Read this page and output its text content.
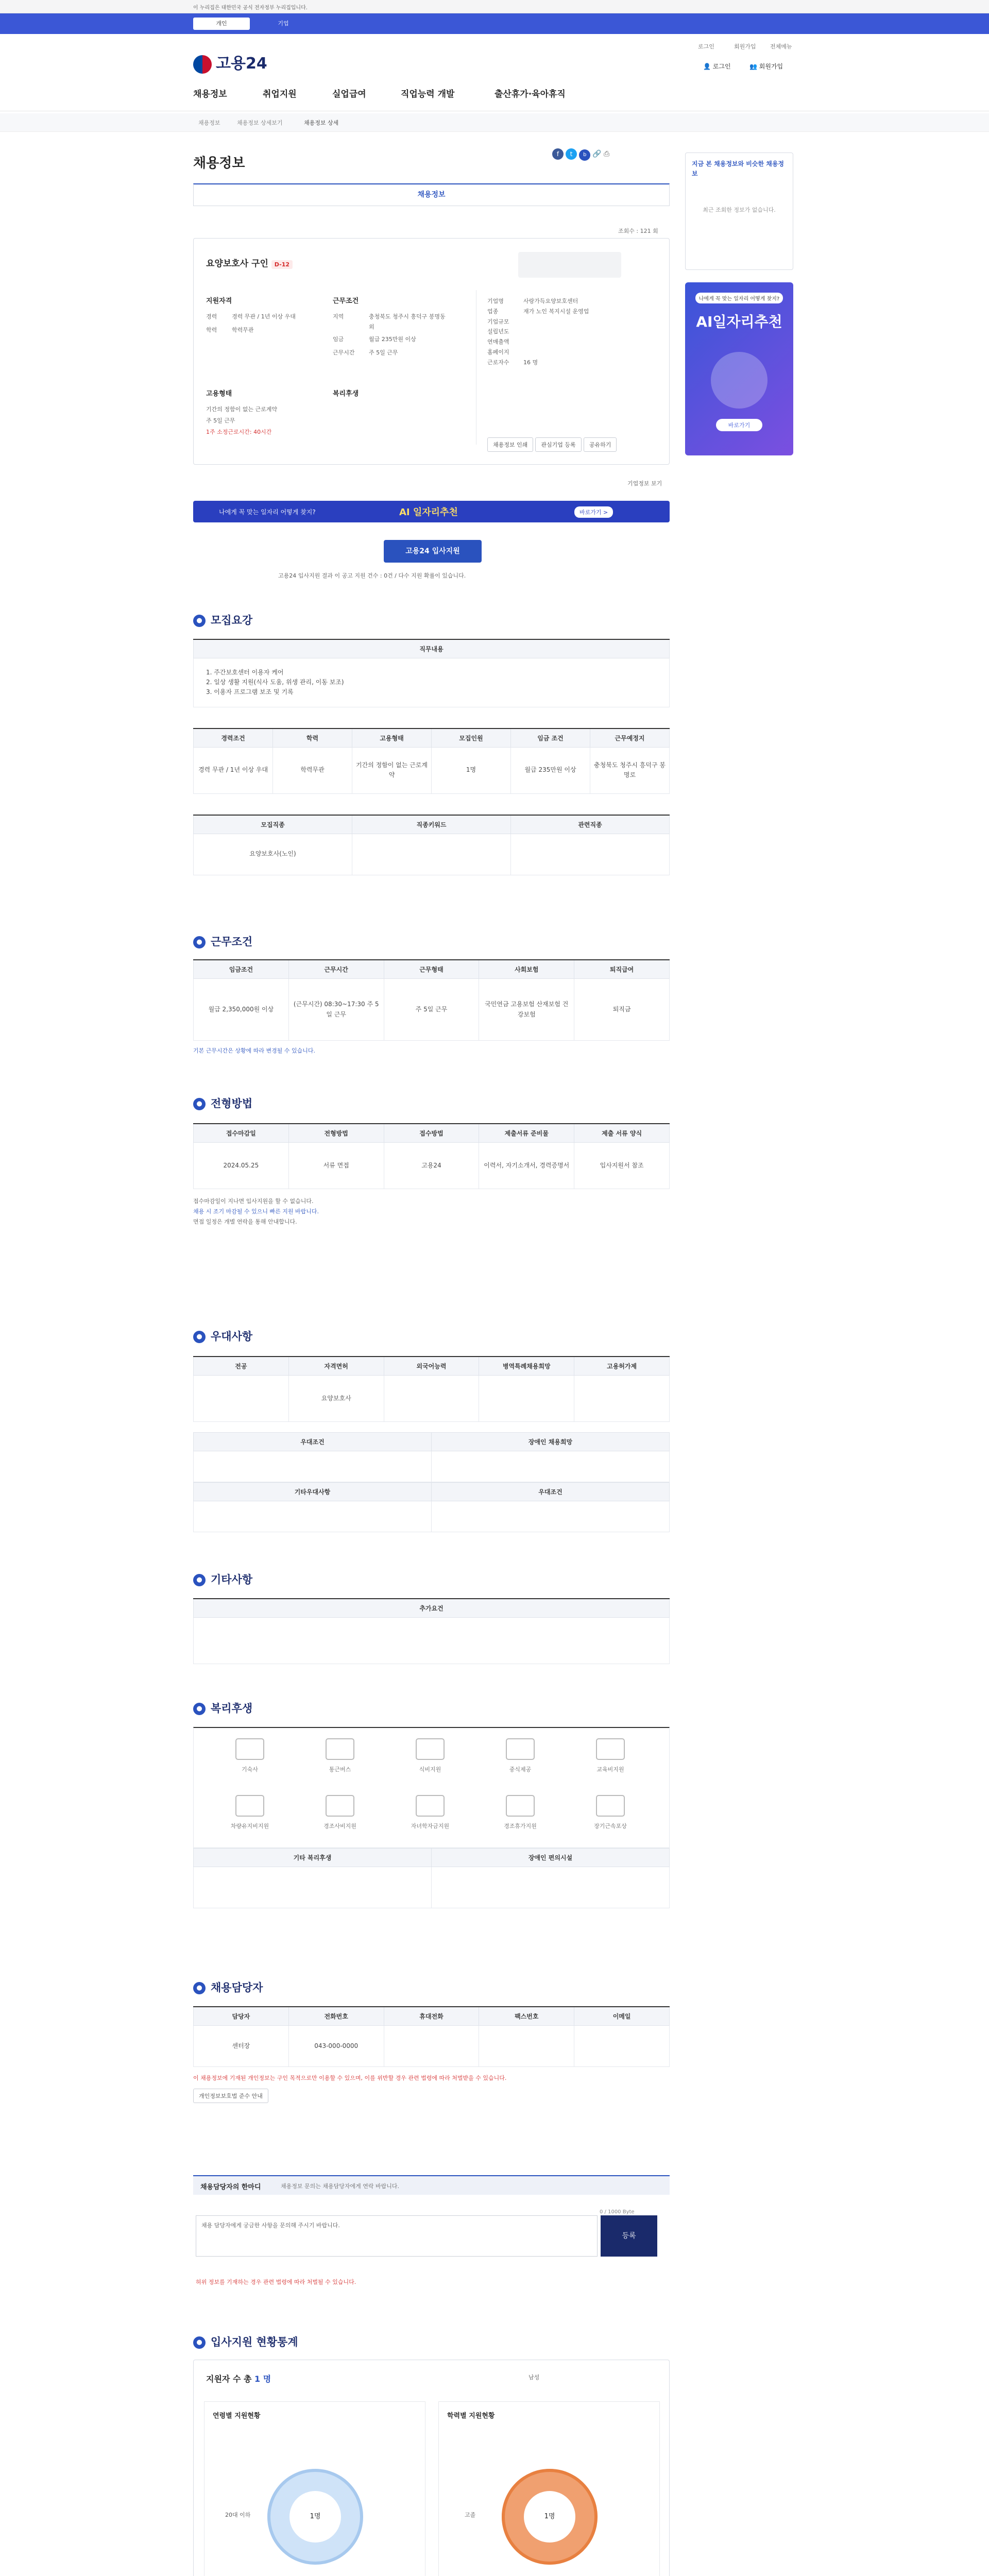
이 누리집은 대한민국 공식 전자정부 누리집입니다.
개인	기업
고용24
로그인	회원가입 전체메뉴
👤 로그인	👥 회원가입
채용정보	취업지원	실업급여	직업능력 개발	출산휴가·육아휴직
채용정보	채용정보 상세보기	채용정보 상세
채용정보
f t b 🔗 ⎙
채용정보
조회수 : 121 회
요양보호사 구인 D-12
지원자격	근무조건
경력	경력 무관 / 1년 이상 우대
학력	학력무관
지역	충청북도 청주시 흥덕구 봉명동 외
임금	월급 235만원 이상
근무시간 주 5일 근무
고용형태	복리후생
기간의 정함이 없는 근로계약
주 5일 근무
1주 소정근로시간: 40시간
기업명	사랑가득요양보호센터
업종	재가 노인 복지시설 운영업
기업규모
설립년도
연매출액
홈페이지
근로자수 16 명
채용정보 인쇄 관심기업 등록 공유하기
기업정보 보기
나에게 꼭 맞는 일자리 어떻게 찾지?	AI 일자리추천	바로가기 >
고용24 입사지원
고용24 입사지원 결과 이 공고 지원 건수 : 0건 / 다수 지원 확률이 있습니다.
● 모집요강
직무내용

1. 주간보호센터 이용자 케어
2. 일상 생활 지원(식사 도움, 위생 관리, 이동 보조)
3. 이용자 프로그램 보조 및 기록
경력조건	학력	고용형태	모집인원	임금 조건	근무예정지
경력 무관 / 1년 이상 우대	학력무관	기간의 정함이 없는 근로계약	1명	월급 235만원 이상	충청북도 청주시 흥덕구 봉명로
모집직종	직종키워드	관련직종
요양보호사(노인)		
● 근무조건
임금조건	근무시간	근무형태	사회보험	퇴직급여
월급 2,350,000원 이상	(근무시간) 08:30~17:30 주 5일 근무	주 5일 근무	국민연금 고용보험 산재보험 건강보험	퇴직금
기본 근무시간은 상황에 따라 변경될 수 있습니다.
● 전형방법
접수마감일	전형방법	접수방법	제출서류 준비물	제출 서류 양식
2024.05.25	서류 면접	고용24	이력서, 자기소개서, 경력증명서	입사지원서 참조
접수마감일이 지나면 입사지원을 할 수 없습니다.
채용 시 조기 마감될 수 있으니 빠른 지원 바랍니다.
면접 일정은 개별 연락을 통해 안내합니다.
● 우대사항
전공	자격면허	외국어능력	병역특례채용희망	고용허가제
	요양보호사			
우대조건	장애인 채용희망

기타우대사항	우대조건

● 기타사항
추가요건

● 복리후생
기숙사	통근버스	식비지원	중식제공	교육비지원
차량유지비지원	경조사비지원	자녀학자금지원	경조휴가지원	장기근속포상
기타 복리후생	장애인 편의시설

● 채용담당자
담당자	전화번호	휴대전화	팩스번호	이메일
센터장	043-000-0000			
이 채용정보에 기재된 개인정보는 구인 목적으로만 이용할 수 있으며, 이를 위반할 경우 관련 법령에 따라 처벌받을 수 있습니다.
개인정보보호법 준수 안내
채용담당자의 한마디	채용정보 문의는 채용담당자에게 연락 바랍니다.
채용 담당자에게 궁금한 사항을 문의해 주시기 바랍니다.
0 / 1000 Byte
등록
허위 정보를 기재하는 경우 관련 법령에 따라 처벌될 수 있습니다.
● 입사지원 현황통계
지원자 수 총 1 명	남성
연령별 지원현황
1명
20대 이하
학력별 지원현황
1명
고졸

지금 본 채용정보와 비슷한 채용정보
최근 조회한 정보가 없습니다.
나에게 꼭 맞는 일자리 어떻게 찾지?
AI일자리추천
바로가기
